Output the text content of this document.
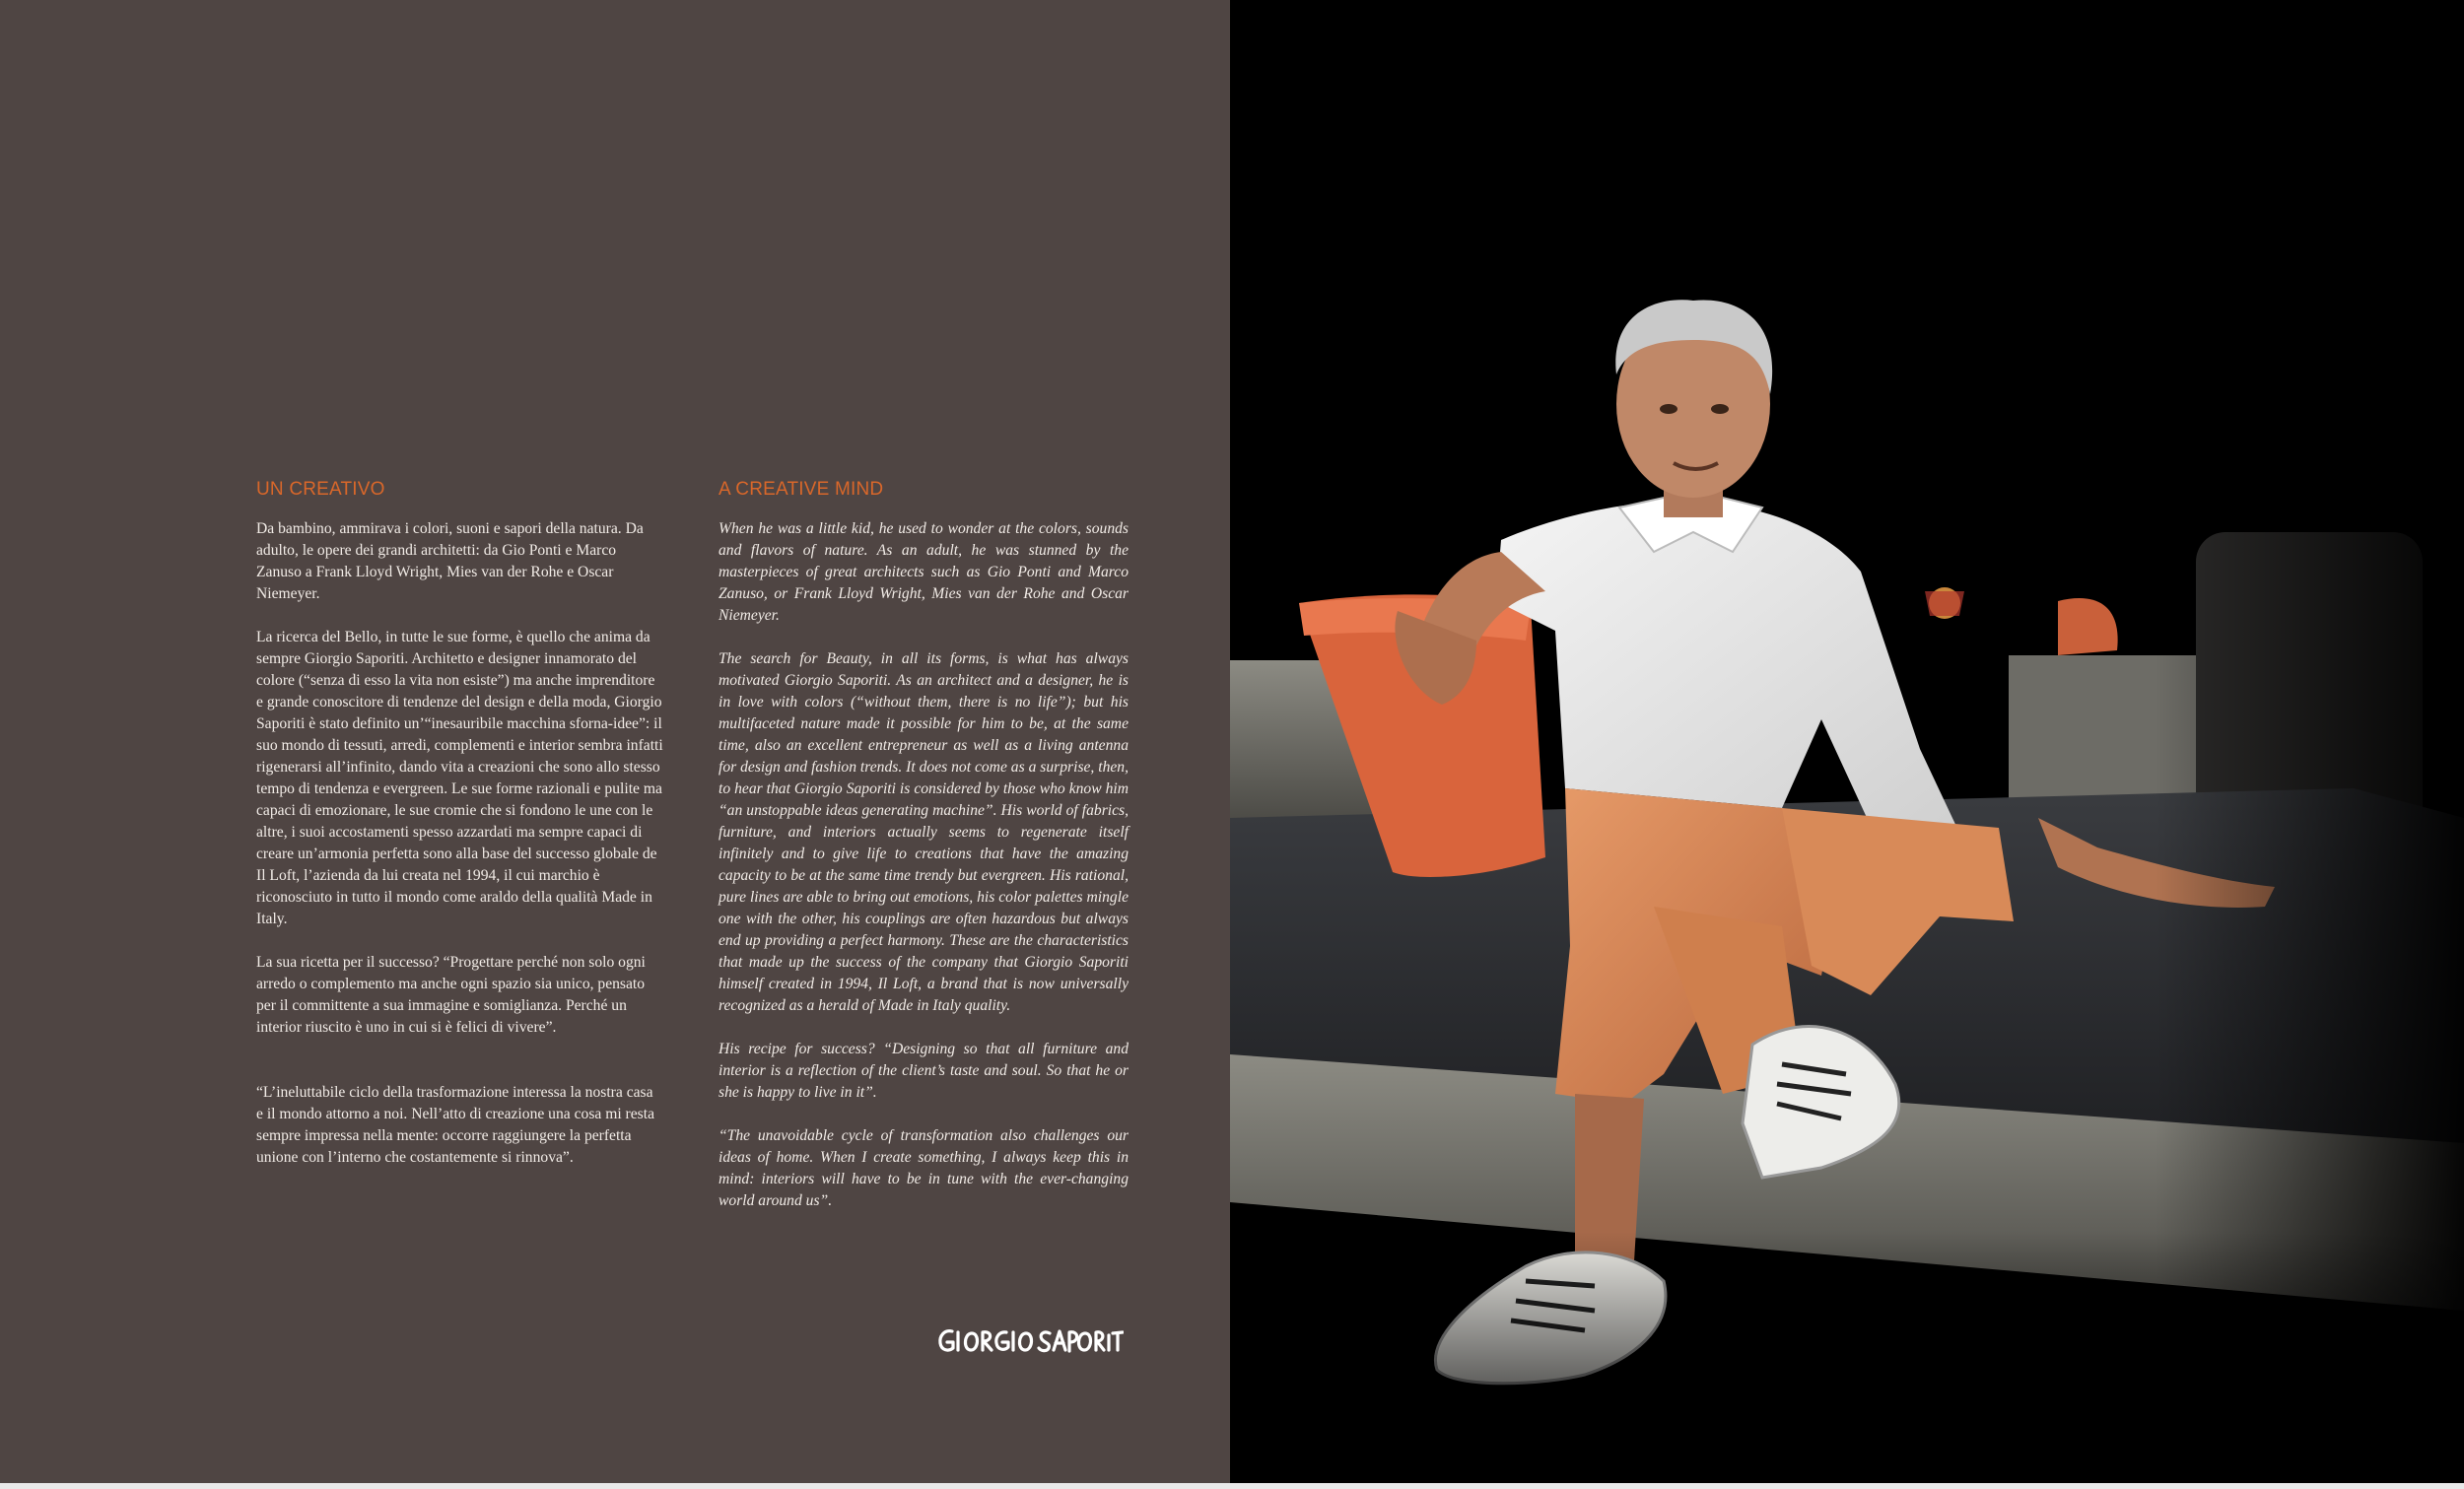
UN CREATIVO

Da bambino, ammirava i colori, suoni e sapori della natura. Da adulto, le opere dei grandi architetti: da Gio Ponti e Marco Zanuso a Frank Lloyd Wright, Mies van der Rohe e Oscar Niemeyer.

La ricerca del Bello, in tutte le sue forme, è quello che anima da sempre Giorgio Saporiti. Architetto e designer innamorato del colore (“senza di esso la vita non esiste”) ma anche imprenditore e grande conoscitore di tendenze del design e della moda, Giorgio Saporiti è stato definito un’“inesauribile macchina sforna-idee”: il suo mondo di tessuti, arredi, complementi e interior sembra infatti rigenerarsi all’infinito, dando vita a creazioni che sono allo stesso tempo di tendenza e evergreen. Le sue forme razionali e pulite ma capaci di emozionare, le sue cromie che si fondono le une con le altre, i suoi accostamenti spesso azzardati ma sempre capaci di creare un’armonia perfetta sono alla base del successo globale de Il Loft, l’azienda da lui creata nel 1994, il cui marchio è riconosciuto in tutto il mondo come araldo della qualità Made in Italy.

La sua ricetta per il successo? “Progettare perché non solo ogni arredo o complemento ma anche ogni spazio sia unico, pensato per il committente a sua immagine e somiglianza. Perché un interior riuscito è uno in cui si è felici di vivere”.

“L’ineluttabile ciclo della trasformazione interessa la nostra casa e il mondo attorno a noi. Nell’atto di creazione una cosa mi resta sempre impressa nella mente: occorre raggiungere la perfetta unione con l’interno che costantemente si rinnova”.

A CREATIVE MIND

When he was a little kid, he used to wonder at the colors, sounds and flavors of nature. As an adult, he was stunned by the masterpieces of great architects such as Gio Ponti and Marco Zanuso, or Frank Lloyd Wright, Mies van der Rohe and Oscar Niemeyer.

The search for Beauty, in all its forms, is what has always motivated Giorgio Saporiti. As an architect and a designer, he is in love with colors (“without them, there is no life”); but his multifaceted nature made it possible for him to be, at the same time, also an excellent entrepreneur as well as a living antenna for design and fashion trends. It does not come as a surprise, then, to hear that Giorgio Saporiti is considered by those who know him “an unstoppable ideas generating machine”. His world of fabrics, furniture, and interiors actually seems to regenerate itself infinitely and to give life to creations that have the amazing capacity to be at the same time trendy but evergreen. His rational, pure lines are able to bring out emotions, his color palettes mingle one with the other, his couplings are often hazardous but always end up providing a perfect harmony. These are the characteristics that made up the success of the company that Giorgio Saporiti himself created in 1994, Il Loft, a brand that is now universally recognized as a herald of Made in Italy quality.

His recipe for success? “Designing so that all furniture and interior is a reflection of the client’s taste and soul. So that he or she is happy to live in it”.

“The unavoidable cycle of transformation also challenges our ideas of home. When I create something, I always keep this in mind: interiors will have to be in tune with the ever-changing world around us”.
